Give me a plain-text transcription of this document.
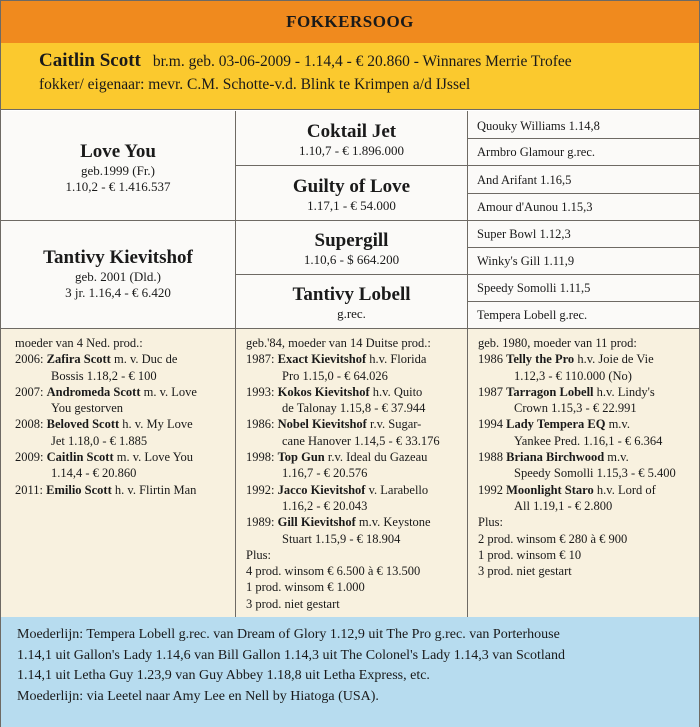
FOKKERSOOG
Caitlin Scott br.m. geb. 03-06-2009 - 1.14,4 - € 20.860 - Winnares Merrie Trofee
fokker/ eigenaar: mevr. C.M. Schotte-v.d. Blink te Krimpen a/d IJssel
Love You
geb.1999 (Fr.)
1.10,2 - € 1.416.537
Tantivy Kievitshof
geb. 2001 (Dld.)
3 jr. 1.16,4 - € 6.420
Coktail Jet
1.10,7 - € 1.896.000
Guilty of Love
1.17,1 - € 54.000
Supergill
1.10,6 - $ 664.200
Tantivy Lobell
g.rec.
Quouky Williams 1.14,8
Armbro Glamour g.rec.
And Arifant 1.16,5
Amour d'Aunou 1.15,3
Super Bowl 1.12,3
Winky's Gill 1.11,9
Speedy Somolli 1.11,5
Tempera Lobell g.rec.
moeder van 4 Ned. prod.:
2006: Zafira Scott m. v. Duc de
Bossis 1.18,2 - € 100
2007: Andromeda Scott m. v. Love
You gestorven
2008: Beloved Scott h. v. My Love
Jet 1.18,0 - € 1.885
2009: Caitlin Scott m. v. Love You
1.14,4 - € 20.860
2011: Emilio Scott h. v. Flirtin Man
geb.'84, moeder van 14 Duitse prod.:
1987: Exact Kievitshof h.v. Florida
Pro 1.15,0 - € 64.026
1993: Kokos Kievitshof h.v. Quito
de Talonay 1.15,8 - € 37.944
1986: Nobel Kievitshof r.v. Sugar-
cane Hanover 1.14,5 - € 33.176
1998: Top Gun r.v. Ideal du Gazeau
1.16,7 - € 20.576
1992: Jacco Kievitshof v. Larabello
1.16,2 - € 20.043
1989: Gill Kievitshof m.v. Keystone
Stuart 1.15,9 - € 18.904
Plus:
4 prod. winsom € 6.500 à € 13.500
1 prod. winsom € 1.000
3 prod. niet gestart
geb. 1980, moeder van 11 prod:
1986 Telly the Pro h.v. Joie de Vie
1.12,3 - € 110.000 (No)
1987 Tarragon Lobell h.v. Lindy's
Crown 1.15,3 - € 22.991
1994 Lady Tempera EQ m.v.
Yankee Pred. 1.16,1 - € 6.364
1988 Briana Birchwood m.v.
Speedy Somolli 1.15,3 - € 5.400
1992 Moonlight Staro h.v. Lord of
All 1.19,1 - € 2.800
Plus:
2 prod. winsom € 280 à € 900
1 prod. winsom € 10
3 prod. niet gestart
Moederlijn: Tempera Lobell g.rec. van Dream of Glory 1.12,9 uit The Pro g.rec. van Porterhouse
1.14,1 uit Gallon's Lady 1.14,6 van Bill Gallon 1.14,3 uit The Colonel's Lady 1.14,3 van Scotland
1.14,1 uit Letha Guy 1.23,9 van Guy Abbey 1.18,8 uit Letha Express, etc.
Moederlijn: via Leetel naar Amy Lee en Nell by Hiatoga (USA).
